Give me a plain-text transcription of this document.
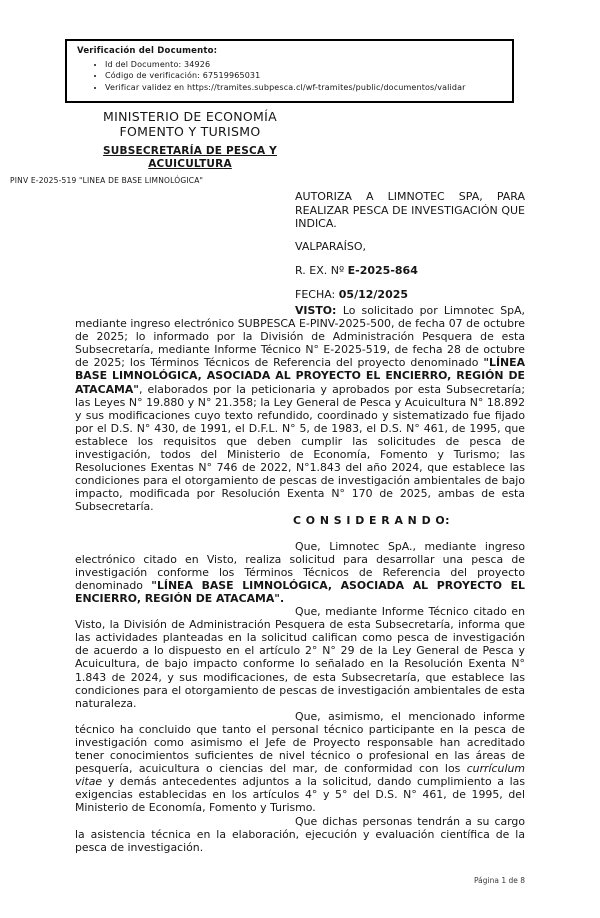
Verificación del Documento:
• Id del Documento: 34926
• Código de verificación: 67519965031
• Verificar validez en https://tramites.subpesca.cl/wf-tramites/public/documentos/validar
MINISTERIO DE ECONOMÍA
FOMENTO Y TURISMO
SUBSECRETARÍA DE PESCA Y ACUICULTURA
PINV E-2025-519 "LINEA DE BASE LIMNOLÓGICA"
AUTORIZA A LIMNOTEC SPA, PARA REALIZAR PESCA DE INVESTIGACIÓN QUE INDICA.
VALPARAÍSO,
R. EX. Nº E-2025-864
FECHA: 05/12/2025

VISTO: Lo solicitado por Limnotec SpA, mediante ingreso electrónico SUBPESCA E-PINV-2025-500, de fecha 07 de octubre de 2025; lo informado por la División de Administración Pesquera de esta Subsecretaría, mediante Informe Técnico N° E-2025-519, de fecha 28 de octubre de 2025; los Términos Técnicos de Referencia del proyecto denominado "LÍNEA BASE LIMNOLÓGICA, ASOCIADA AL PROYECTO EL ENCIERRO, REGIÓN DE ATACAMA", elaborados por la peticionaria y aprobados por esta Subsecretaría; las Leyes N° 19.880 y N° 21.358; la Ley General de Pesca y Acuicultura N° 18.892 y sus modificaciones cuyo texto refundido, coordinado y sistematizado fue fijado por el D.S. N° 430, de 1991, el D.F.L. N° 5, de 1983, el D.S. N° 461, de 1995, que establece los requisitos que deben cumplir las solicitudes de pesca de investigación, todos del Ministerio de Economía, Fomento y Turismo; las Resoluciones Exentas N° 746 de 2022, N°1.843 del año 2024, que establece las condiciones para el otorgamiento de pescas de investigación ambientales de bajo impacto, modificada por Resolución Exenta N° 170 de 2025, ambas de esta Subsecretaría.

C O N S I D E R A N D O:

Que, Limnotec SpA., mediante ingreso electrónico citado en Visto, realiza solicitud para desarrollar una pesca de investigación conforme los Términos Técnicos de Referencia del proyecto denominado "LÍNEA BASE LIMNOLÓGICA, ASOCIADA AL PROYECTO EL ENCIERRO, REGIÓN DE ATACAMA".

Que, mediante Informe Técnico citado en Visto, la División de Administración Pesquera de esta Subsecretaría, informa que las actividades planteadas en la solicitud califican como pesca de investigación de acuerdo a lo dispuesto en el artículo 2° N° 29 de la Ley General de Pesca y Acuicultura, de bajo impacto conforme lo señalado en la Resolución Exenta N° 1.843 de 2024, y sus modificaciones, de esta Subsecretaría, que establece las condiciones para el otorgamiento de pescas de investigación ambientales de esta naturaleza.

Que, asimismo, el mencionado informe técnico ha concluido que tanto el personal técnico participante en la pesca de investigación como asimismo el Jefe de Proyecto responsable han acreditado tener conocimientos suficientes de nivel técnico o profesional en las áreas de pesquería, acuicultura o ciencias del mar, de conformidad con los currículum vitae y demás antecedentes adjuntos a la solicitud, dando cumplimiento a las exigencias establecidas en los artículos 4° y 5° del D.S. N° 461, de 1995, del Ministerio de Economía, Fomento y Turismo.

Que dichas personas tendrán a su cargo la asistencia técnica en la elaboración, ejecución y evaluación científica de la pesca de investigación.

Página 1 de 8
